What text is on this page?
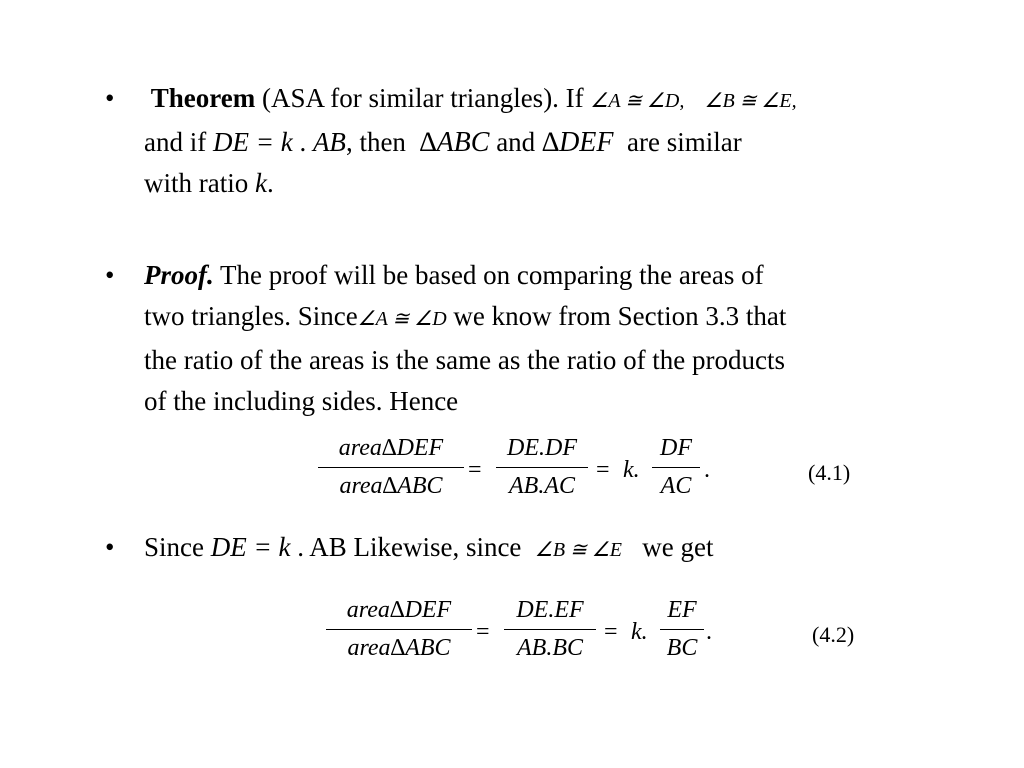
• Theorem (ASA for similar triangles). If ∠A ≅ ∠D, ∠B ≅ ∠E,
and if DE = k . AB, then  ∆ABC and ∆DEF  are similar
with ratio k.
• Proof. The proof will be based on comparing the areas of
two triangles. Since∠A ≅ ∠D we know from Section 3.3 that
the ratio of the areas is the same as the ratio of the products
of the including sides. Hence
area∆DEF
area∆ABC
=
DE.DF
AB.AC
= k.
DF
AC
.	(4.1)
• Since DE = k . AB Likewise, since  ∠B ≅ ∠E   we get
area∆DEF
area∆ABC
=
DE.EF
AB.BC
= k.
EF
BC
.	(4.2)
